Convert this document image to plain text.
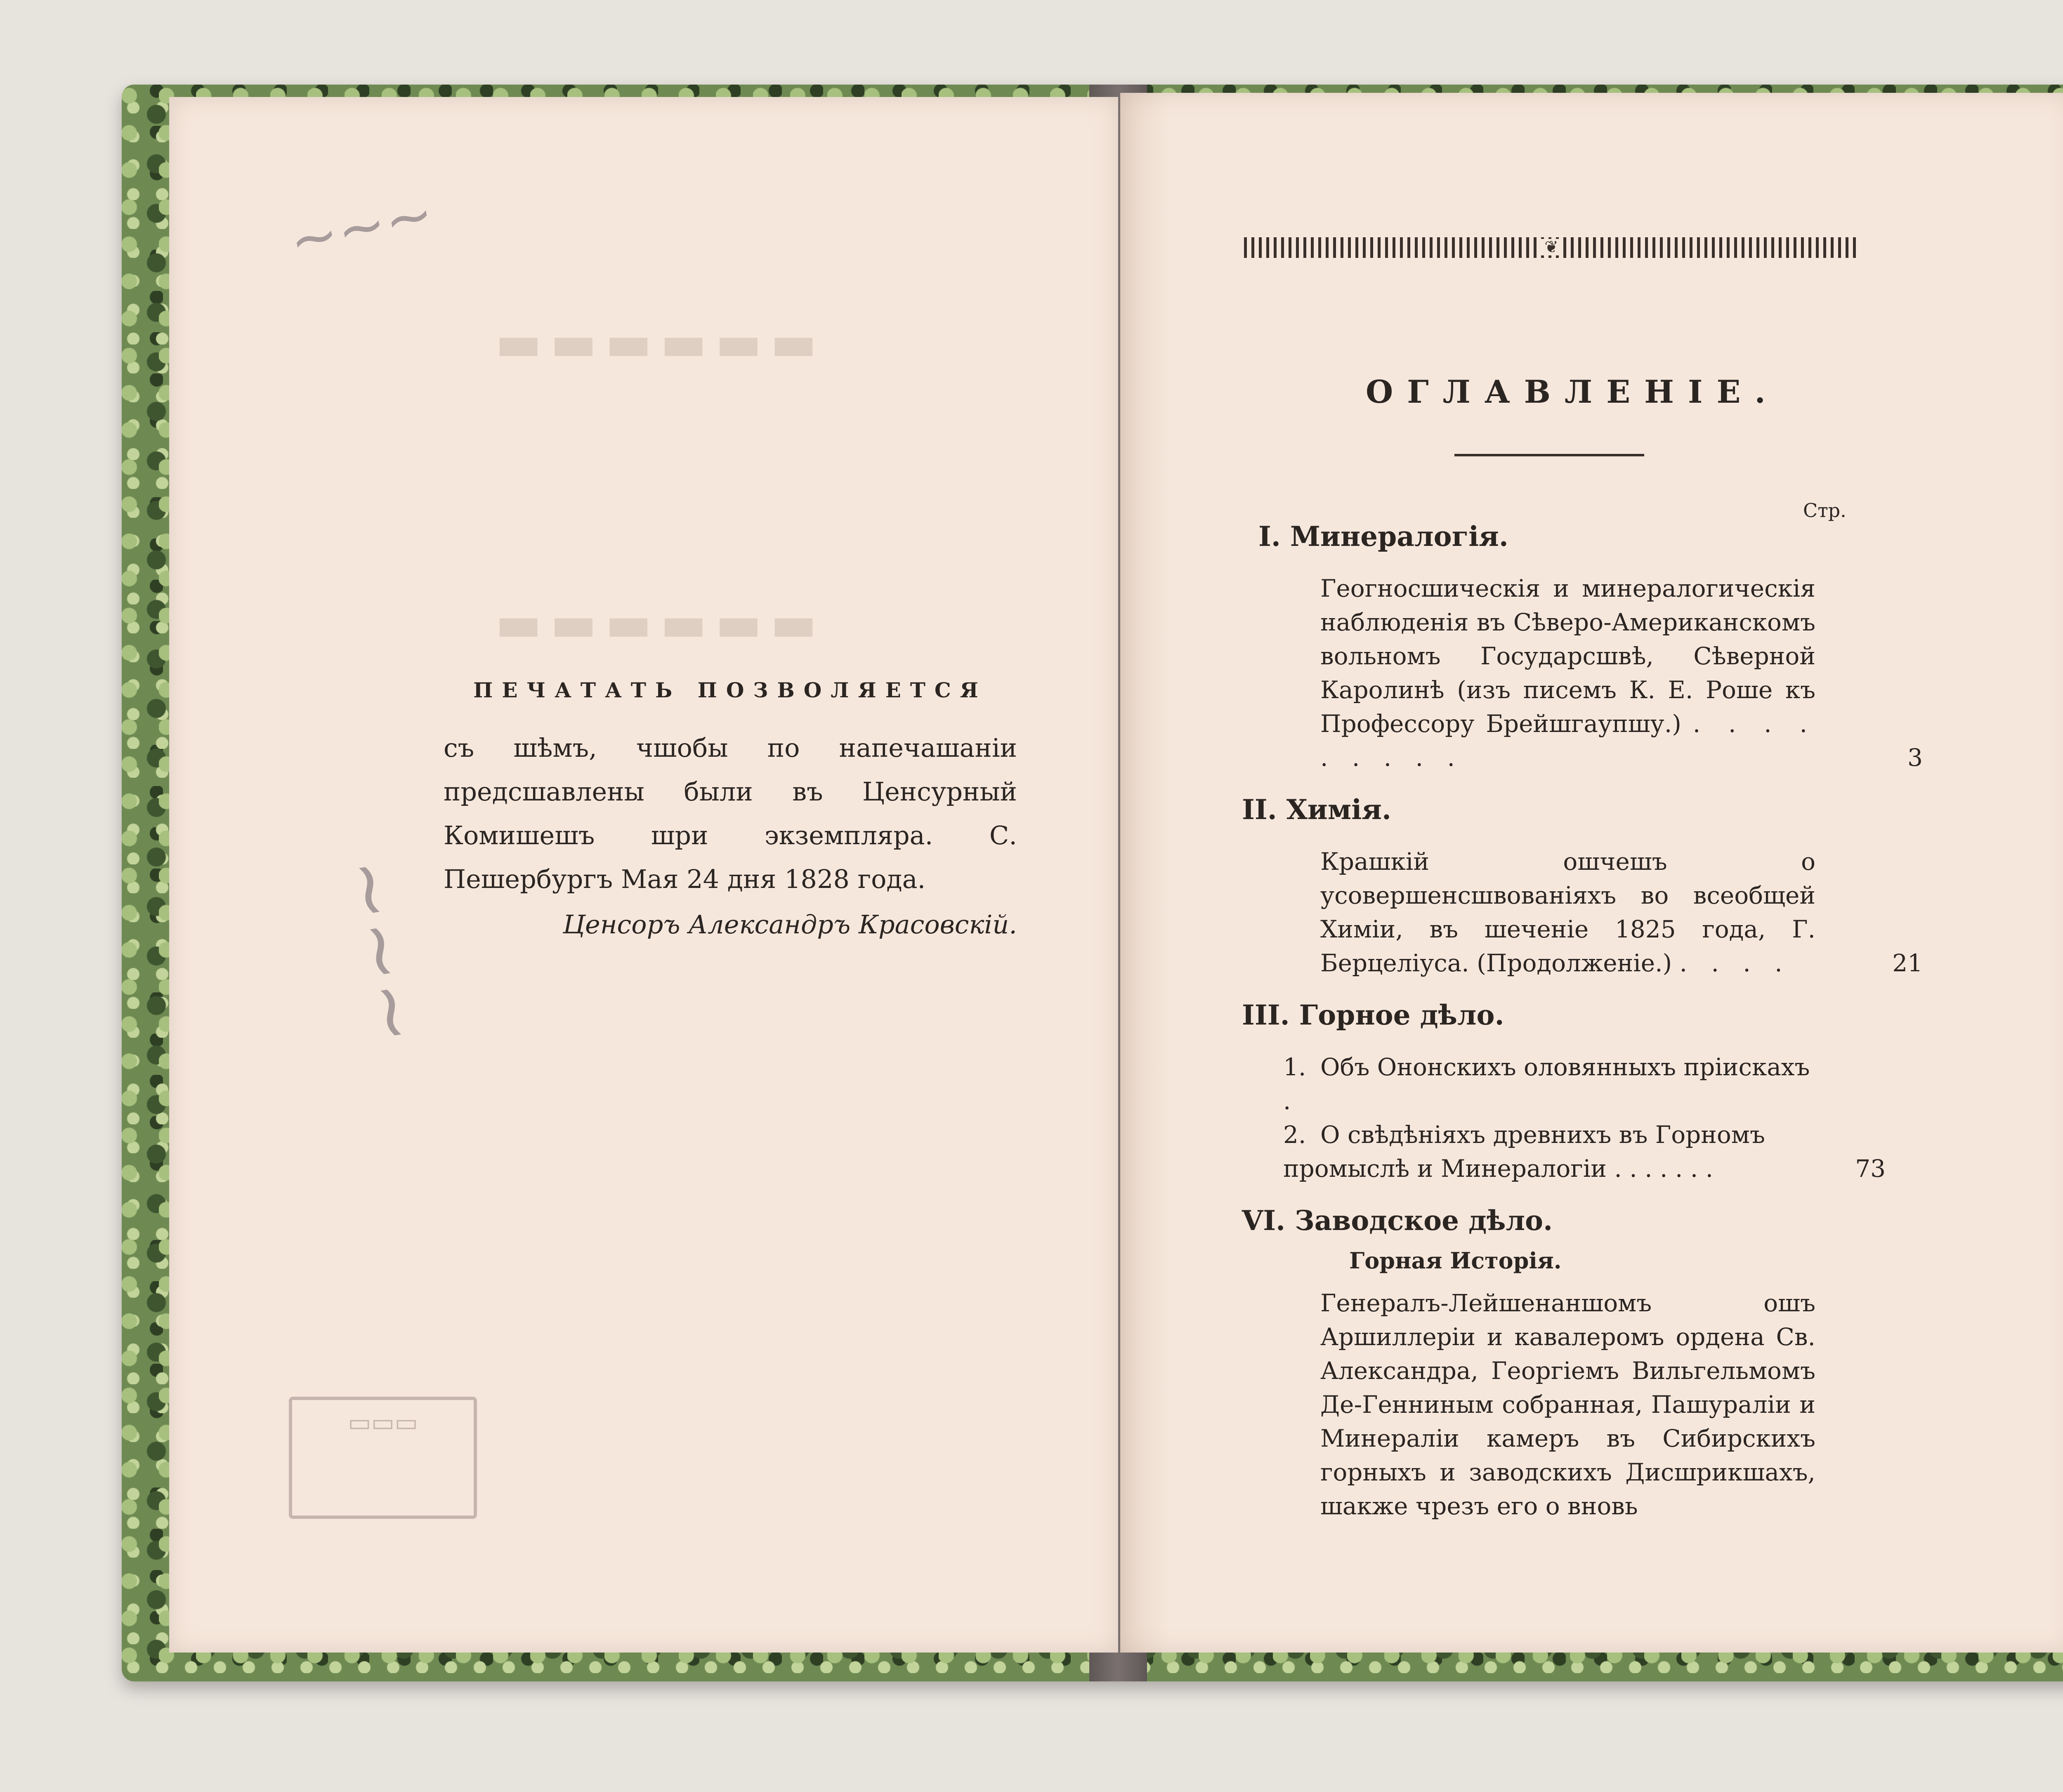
▬▬▬▬▬▬
▬▬▬▬▬▬
~~~
~~~
▭▭▭
ПЕЧАТАТЬ ПОЗВОЛЯЕТСЯ
съ шѣмъ, чшобы по напечашаніи предсшавлены были въ Ценсурный Комишешъ шри экземпляра. С. Пешербургъ Мая 24 дня 1828 года.
Ценсоръ Александръ Красовскій.
❦
ОГЛАВЛЕНІЕ.
Стр.
I. Минералогія.
Геогносшическія и минералогическія наблюденія въ Сѣверо-Американскомъ вольномъ Государсшвѣ, Сѣверной Каролинѣ (изъ писемъ К. Е. Роше къ Профессору Брейшгаупшу.) . . . . . . . . .	3
II. Химія.
Крашкій ошчешъ о усовершенсшвованіяхъ во всеобщей Химіи, въ шеченіе 1825 года, Г. Берцеліуса. (Продолженіе.) . . . .	21
III. Горное дѣло.
1. Объ Ононскихъ оловянныхъ пріискахъ .
2. О свѣдѣніяхъ древнихъ въ Горномъ промыслѣ и Минералогіи . . . . . . .	73
VI. Заводское дѣло.
Горная Исторія.
Генералъ-Лейшенаншомъ ошъ Аршиллеріи и кавалеромъ ордена Св. Александра, Георгіемъ Вильгельмомъ Де-Генниным собранная, Пашураліи и Минераліи камеръ въ Сибирскихъ горныхъ и заводскихъ Дисшрикшахъ, шакже чрезъ его о вновь
